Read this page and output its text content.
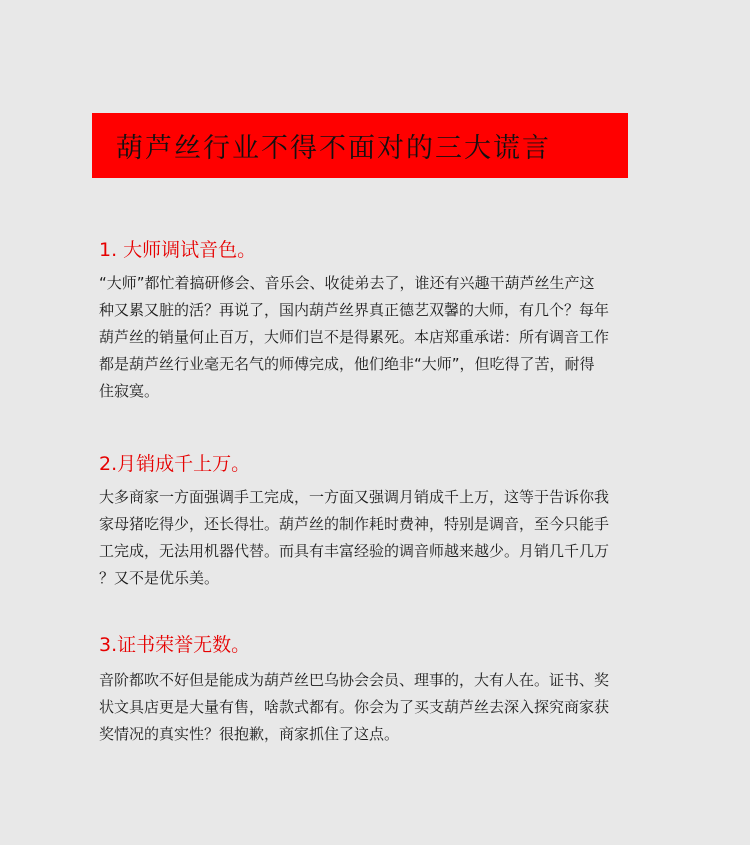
葫芦丝行业不得不面对的三大谎言
1. 大师调试音色。
“大师”都忙着搞研修会、音乐会、收徒弟去了，谁还有兴趣干葫芦丝生产这
种又累又脏的活？再说了，国内葫芦丝界真正德艺双馨的大师，有几个？每年
葫芦丝的销量何止百万，大师们岂不是得累死。本店郑重承诺：所有调音工作
都是葫芦丝行业毫无名气的师傅完成，他们绝非“大师”，但吃得了苦，耐得
住寂寞。
2.月销成千上万。
大多商家一方面强调手工完成，一方面又强调月销成千上万，这等于告诉你我
家母猪吃得少，还长得壮。葫芦丝的制作耗时费神，特别是调音，至今只能手
工完成，无法用机器代替。而具有丰富经验的调音师越来越少。月销几千几万
？又不是优乐美。
3.证书荣誉无数。
音阶都吹不好但是能成为葫芦丝巴乌协会会员、理事的，大有人在。证书、奖
状文具店更是大量有售，啥款式都有。你会为了买支葫芦丝去深入探究商家获
奖情况的真实性？很抱歉，商家抓住了这点。
